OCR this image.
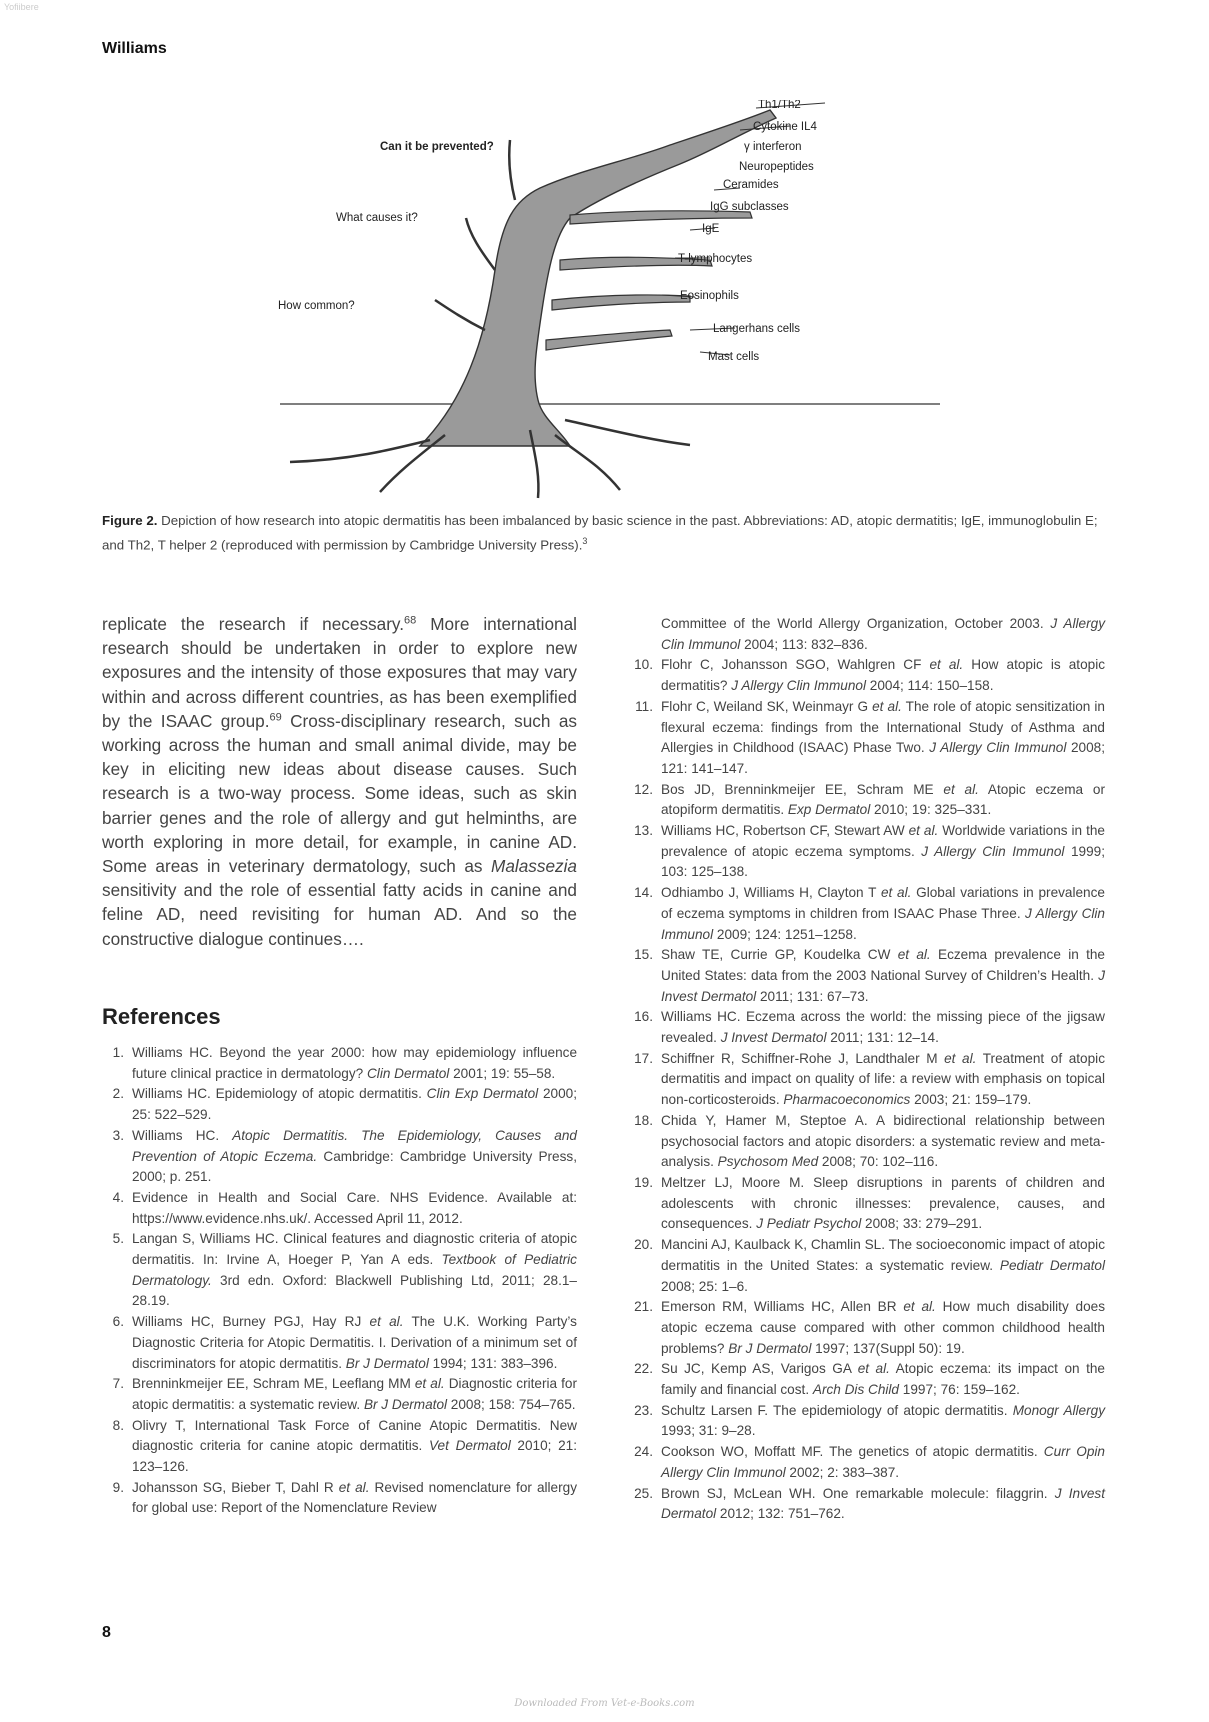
Yofiibere
Williams
Th1/Th2
Cytokine IL4
γ interferon
Neuropeptides
Ceramides
IgG subclasses
IgE
T-lymphocytes
Eosinophils
Langerhans cells
Mast cells
Can it be prevented?
What causes it?
How common?
Figure 2. Depiction of how research into atopic dermatitis has been imbalanced by basic science in the past. Abbreviations: AD, atopic dermatitis; IgE, immunoglobulin E; and Th2, T helper 2 (reproduced with permission by Cambridge University Press).$^3$
replicate the research if necessary.$^{68}$ More international research should be undertaken in order to explore new exposures and the intensity of those exposures that may vary within and across different countries, as has been exemplified by the ISAAC group.$^{69}$ Cross-disciplinary research, such as working across the human and small animal divide, may be key in eliciting new ideas about disease causes. Such research is a two-way process. Some ideas, such as skin barrier genes and the role of allergy and gut helminths, are worth exploring in more detail, for example, in canine AD. Some areas in veterinary dermatology, such as Malassezia sensitivity and the role of essential fatty acids in canine and feline AD, need revisiting for human AD. And so the constructive dialogue continues….
References
1. Williams HC. Beyond the year 2000: how may epidemiology influence future clinical practice in dermatology? Clin Dermatol 2001; 19: 55–58.
2. Williams HC. Epidemiology of atopic dermatitis. Clin Exp Dermatol 2000; 25: 522–529.
3. Williams HC. Atopic Dermatitis. The Epidemiology, Causes and Prevention of Atopic Eczema. Cambridge: Cambridge University Press, 2000; p. 251.
4. Evidence in Health and Social Care. NHS Evidence. Available at: https://www.evidence.nhs.uk/. Accessed April 11, 2012.
5. Langan S, Williams HC. Clinical features and diagnostic criteria of atopic dermatitis. In: Irvine A, Hoeger P, Yan A eds. Textbook of Pediatric Dermatology. 3rd edn. Oxford: Blackwell Publishing Ltd, 2011; 28.1–28.19.
6. Williams HC, Burney PGJ, Hay RJ et al. The U.K. Working Party’s Diagnostic Criteria for Atopic Dermatitis. I. Derivation of a minimum set of discriminators for atopic dermatitis. Br J Dermatol 1994; 131: 383–396.
7. Brenninkmeijer EE, Schram ME, Leeflang MM et al. Diagnostic criteria for atopic dermatitis: a systematic review. Br J Dermatol 2008; 158: 754–765.
8. Olivry T, International Task Force of Canine Atopic Dermatitis. New diagnostic criteria for canine atopic dermatitis. Vet Dermatol 2010; 21: 123–126.
9. Johansson SG, Bieber T, Dahl R et al. Revised nomenclature for allergy for global use: Report of the Nomenclature Review
Committee of the World Allergy Organization, October 2003. J Allergy Clin Immunol 2004; 113: 832–836.
10. Flohr C, Johansson SGO, Wahlgren CF et al. How atopic is atopic dermatitis? J Allergy Clin Immunol 2004; 114: 150–158.
11. Flohr C, Weiland SK, Weinmayr G et al. The role of atopic sensitization in flexural eczema: findings from the International Study of Asthma and Allergies in Childhood (ISAAC) Phase Two. J Allergy Clin Immunol 2008; 121: 141–147.
12. Bos JD, Brenninkmeijer EE, Schram ME et al. Atopic eczema or atopiform dermatitis. Exp Dermatol 2010; 19: 325–331.
13. Williams HC, Robertson CF, Stewart AW et al. Worldwide variations in the prevalence of atopic eczema symptoms. J Allergy Clin Immunol 1999; 103: 125–138.
14. Odhiambo J, Williams H, Clayton T et al. Global variations in prevalence of eczema symptoms in children from ISAAC Phase Three. J Allergy Clin Immunol 2009; 124: 1251–1258.
15. Shaw TE, Currie GP, Koudelka CW et al. Eczema prevalence in the United States: data from the 2003 National Survey of Children’s Health. J Invest Dermatol 2011; 131: 67–73.
16. Williams HC. Eczema across the world: the missing piece of the jigsaw revealed. J Invest Dermatol 2011; 131: 12–14.
17. Schiffner R, Schiffner-Rohe J, Landthaler M et al. Treatment of atopic dermatitis and impact on quality of life: a review with emphasis on topical non-corticosteroids. Pharmacoeconomics 2003; 21: 159–179.
18. Chida Y, Hamer M, Steptoe A. A bidirectional relationship between psychosocial factors and atopic disorders: a systematic review and meta-analysis. Psychosom Med 2008; 70: 102–116.
19. Meltzer LJ, Moore M. Sleep disruptions in parents of children and adolescents with chronic illnesses: prevalence, causes, and consequences. J Pediatr Psychol 2008; 33: 279–291.
20. Mancini AJ, Kaulback K, Chamlin SL. The socioeconomic impact of atopic dermatitis in the United States: a systematic review. Pediatr Dermatol 2008; 25: 1–6.
21. Emerson RM, Williams HC, Allen BR et al. How much disability does atopic eczema cause compared with other common childhood health problems? Br J Dermatol 1997; 137(Suppl 50): 19.
22. Su JC, Kemp AS, Varigos GA et al. Atopic eczema: its impact on the family and financial cost. Arch Dis Child 1997; 76: 159–162.
23. Schultz Larsen F. The epidemiology of atopic dermatitis. Monogr Allergy 1993; 31: 9–28.
24. Cookson WO, Moffatt MF. The genetics of atopic dermatitis. Curr Opin Allergy Clin Immunol 2002; 2: 383–387.
25. Brown SJ, McLean WH. One remarkable molecule: filaggrin. J Invest Dermatol 2012; 132: 751–762.
8
Downloaded From Vet-e-Books.com
